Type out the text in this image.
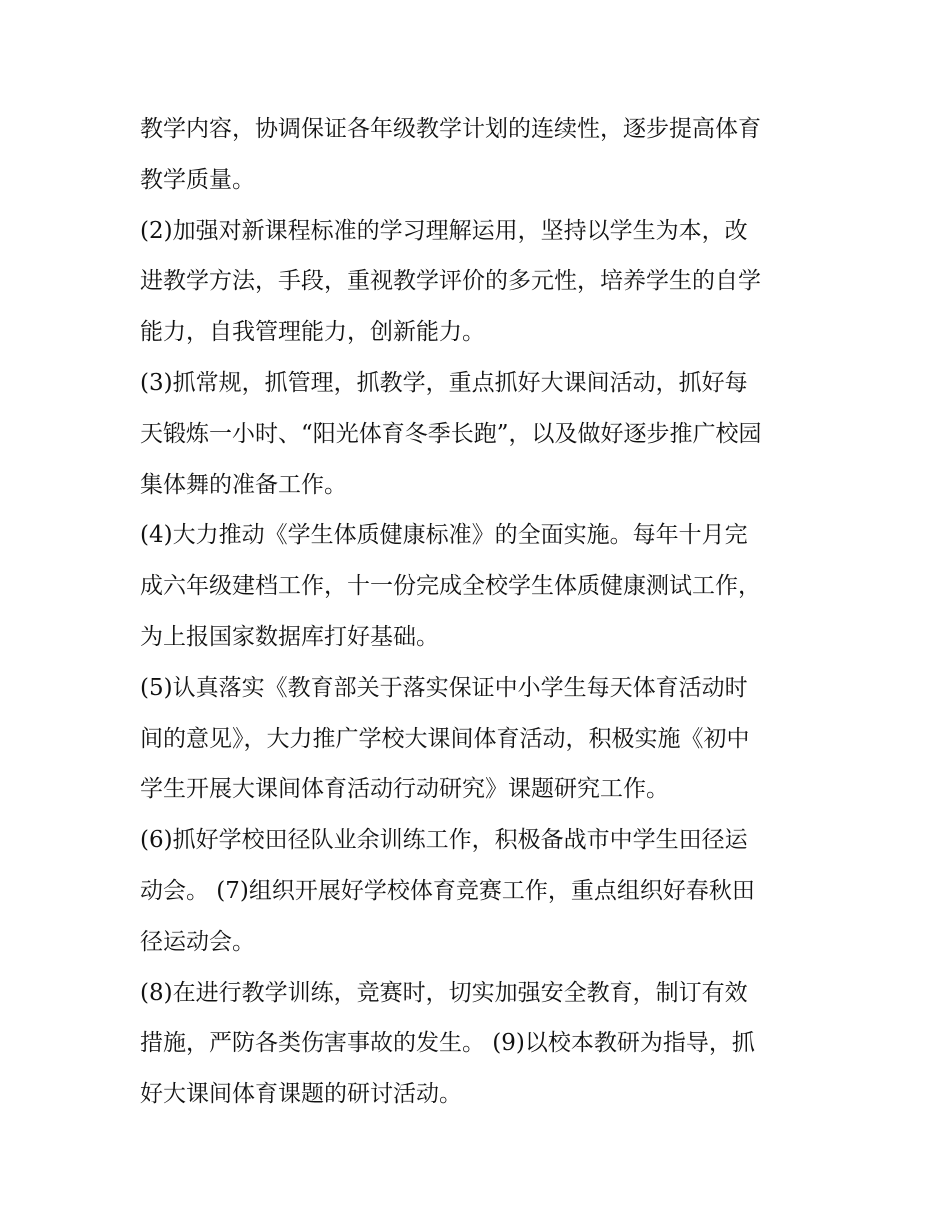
教学内容，协调保证各年级教学计划的连续性，逐步提高体育
教学质量。

(2)加强对新课程标准的学习理解运用，坚持以学生为本，改
进教学方法，手段，重视教学评价的多元性，培养学生的自学
能力，自我管理能力，创新能力。

(3)抓常规，抓管理，抓教学，重点抓好大课间活动，抓好每
天锻炼一小时、“阳光体育冬季长跑”，以及做好逐步推广校园
集体舞的准备工作。

(4)大力推动《学生体质健康标准》的全面实施。每年十月完
成六年级建档工作，十一份完成全校学生体质健康测试工作，
为上报国家数据库打好基础。

(5)认真落实《教育部关于落实保证中小学生每天体育活动时
间的意见》，大力推广学校大课间体育活动，积极实施《初中
学生开展大课间体育活动行动研究》课题研究工作。

(6)抓好学校田径队业余训练工作，积极备战市中学生田径运
动会。 (7)组织开展好学校体育竞赛工作，重点组织好春秋田
径运动会。

(8)在进行教学训练，竞赛时，切实加强安全教育，制订有效
措施，严防各类伤害事故的发生。 (9)以校本教研为指导，抓
好大课间体育课题的研讨活动。
